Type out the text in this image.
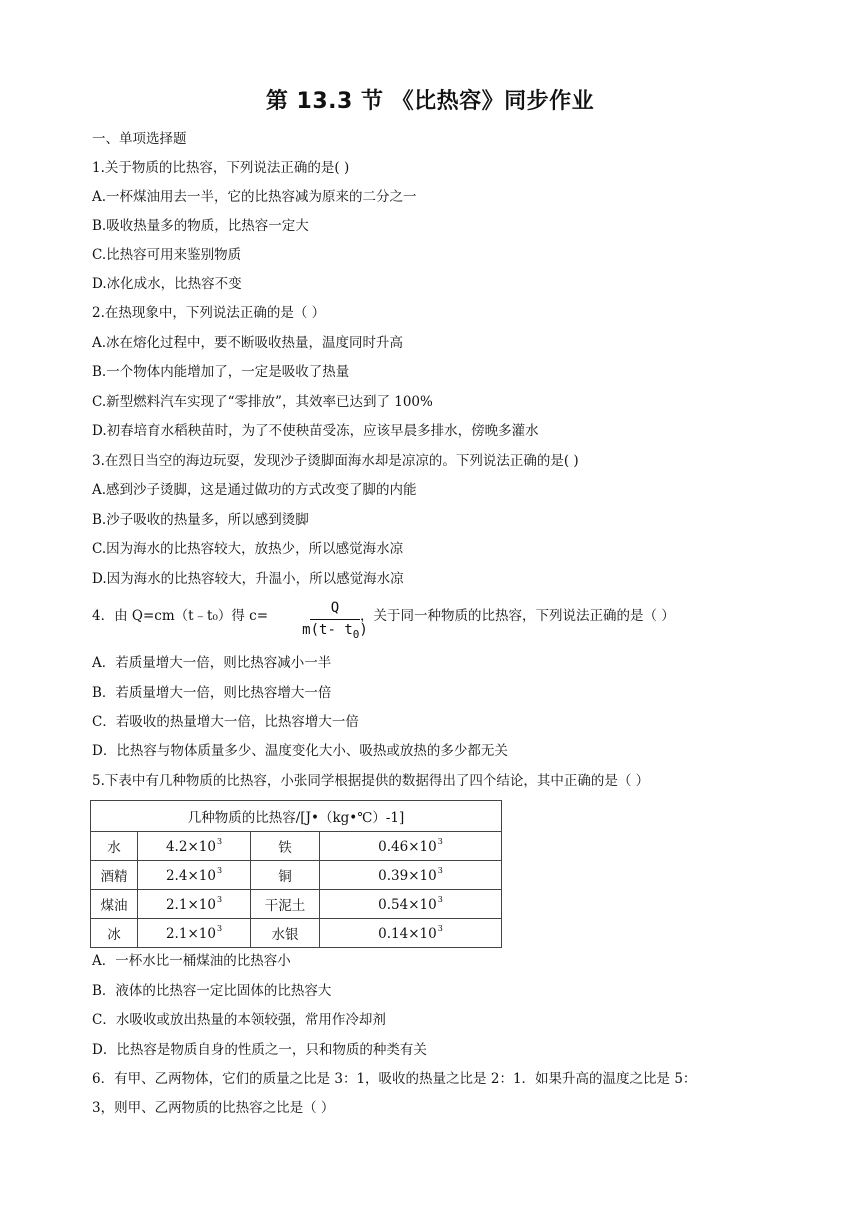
第 13.3 节 《比热容》同步作业
一、单项选择题
1.关于物质的比热容，下列说法正确的是( )
A.一杯煤油用去一半，它的比热容减为原来的二分之一
B.吸收热量多的物质，比热容一定大
C.比热容可用来鉴别物质
D.冰化成水，比热容不变
2.在热现象中，下列说法正确的是（ ）
A.冰在熔化过程中，要不断吸收热量，温度同时升高
B.一个物体内能增加了，一定是吸收了热量
C.新型燃料汽车实现了“零排放”，其效率已达到了 100%
D.初春培育水稻秧苗时，为了不使秧苗受冻，应该早晨多排水，傍晚多灌水
3.在烈日当空的海边玩耍，发现沙子烫脚面海水却是凉凉的。下列说法正确的是( )
A.感到沙子烫脚，这是通过做功的方式改变了脚的内能
B.沙子吸收的热量多，所以感到烫脚
C.因为海水的比热容较大，放热少，所以感觉海水凉
D.因为海水的比热容较大，升温小，所以感觉海水凉
4．由 Q=cm（t﹣t₀）得 c=	Q
m(t- $t_0$)
，关于同一种物质的比热容，下列说法正确的是（ ）
A．若质量增大一倍，则比热容减小一半
B．若质量增大一倍，则比热容增大一倍
C．若吸收的热量增大一倍，比热容增大一倍
D．比热容与物体质量多少、温度变化大小、吸热或放热的多少都无关
5.下表中有几种物质的比热容，小张同学根据提供的数据得出了四个结论，其中正确的是（ ）
几种物质的比热容/[J•（kg•℃）-1]			
水	$4.2\times 10^3$	铁	$0.46\times 10^3$
酒精	$2.4\times 10^3$	铜	$0.39\times 10^3$
煤油	$2.1\times 10^3$	干泥土	$0.54\times 10^3$
冰	$2.1\times 10^3$	水银	$0.14\times 10^3$
A．一杯水比一桶煤油的比热容小
B．液体的比热容一定比固体的比热容大
C．水吸收或放出热量的本领较强，常用作冷却剂
D．比热容是物质自身的性质之一，只和物质的种类有关
6．有甲、乙两物体，它们的质量之比是 3：1，吸收的热量之比是 2：1．如果升高的温度之比是 5：
3，则甲、乙两物质的比热容之比是（ ）
